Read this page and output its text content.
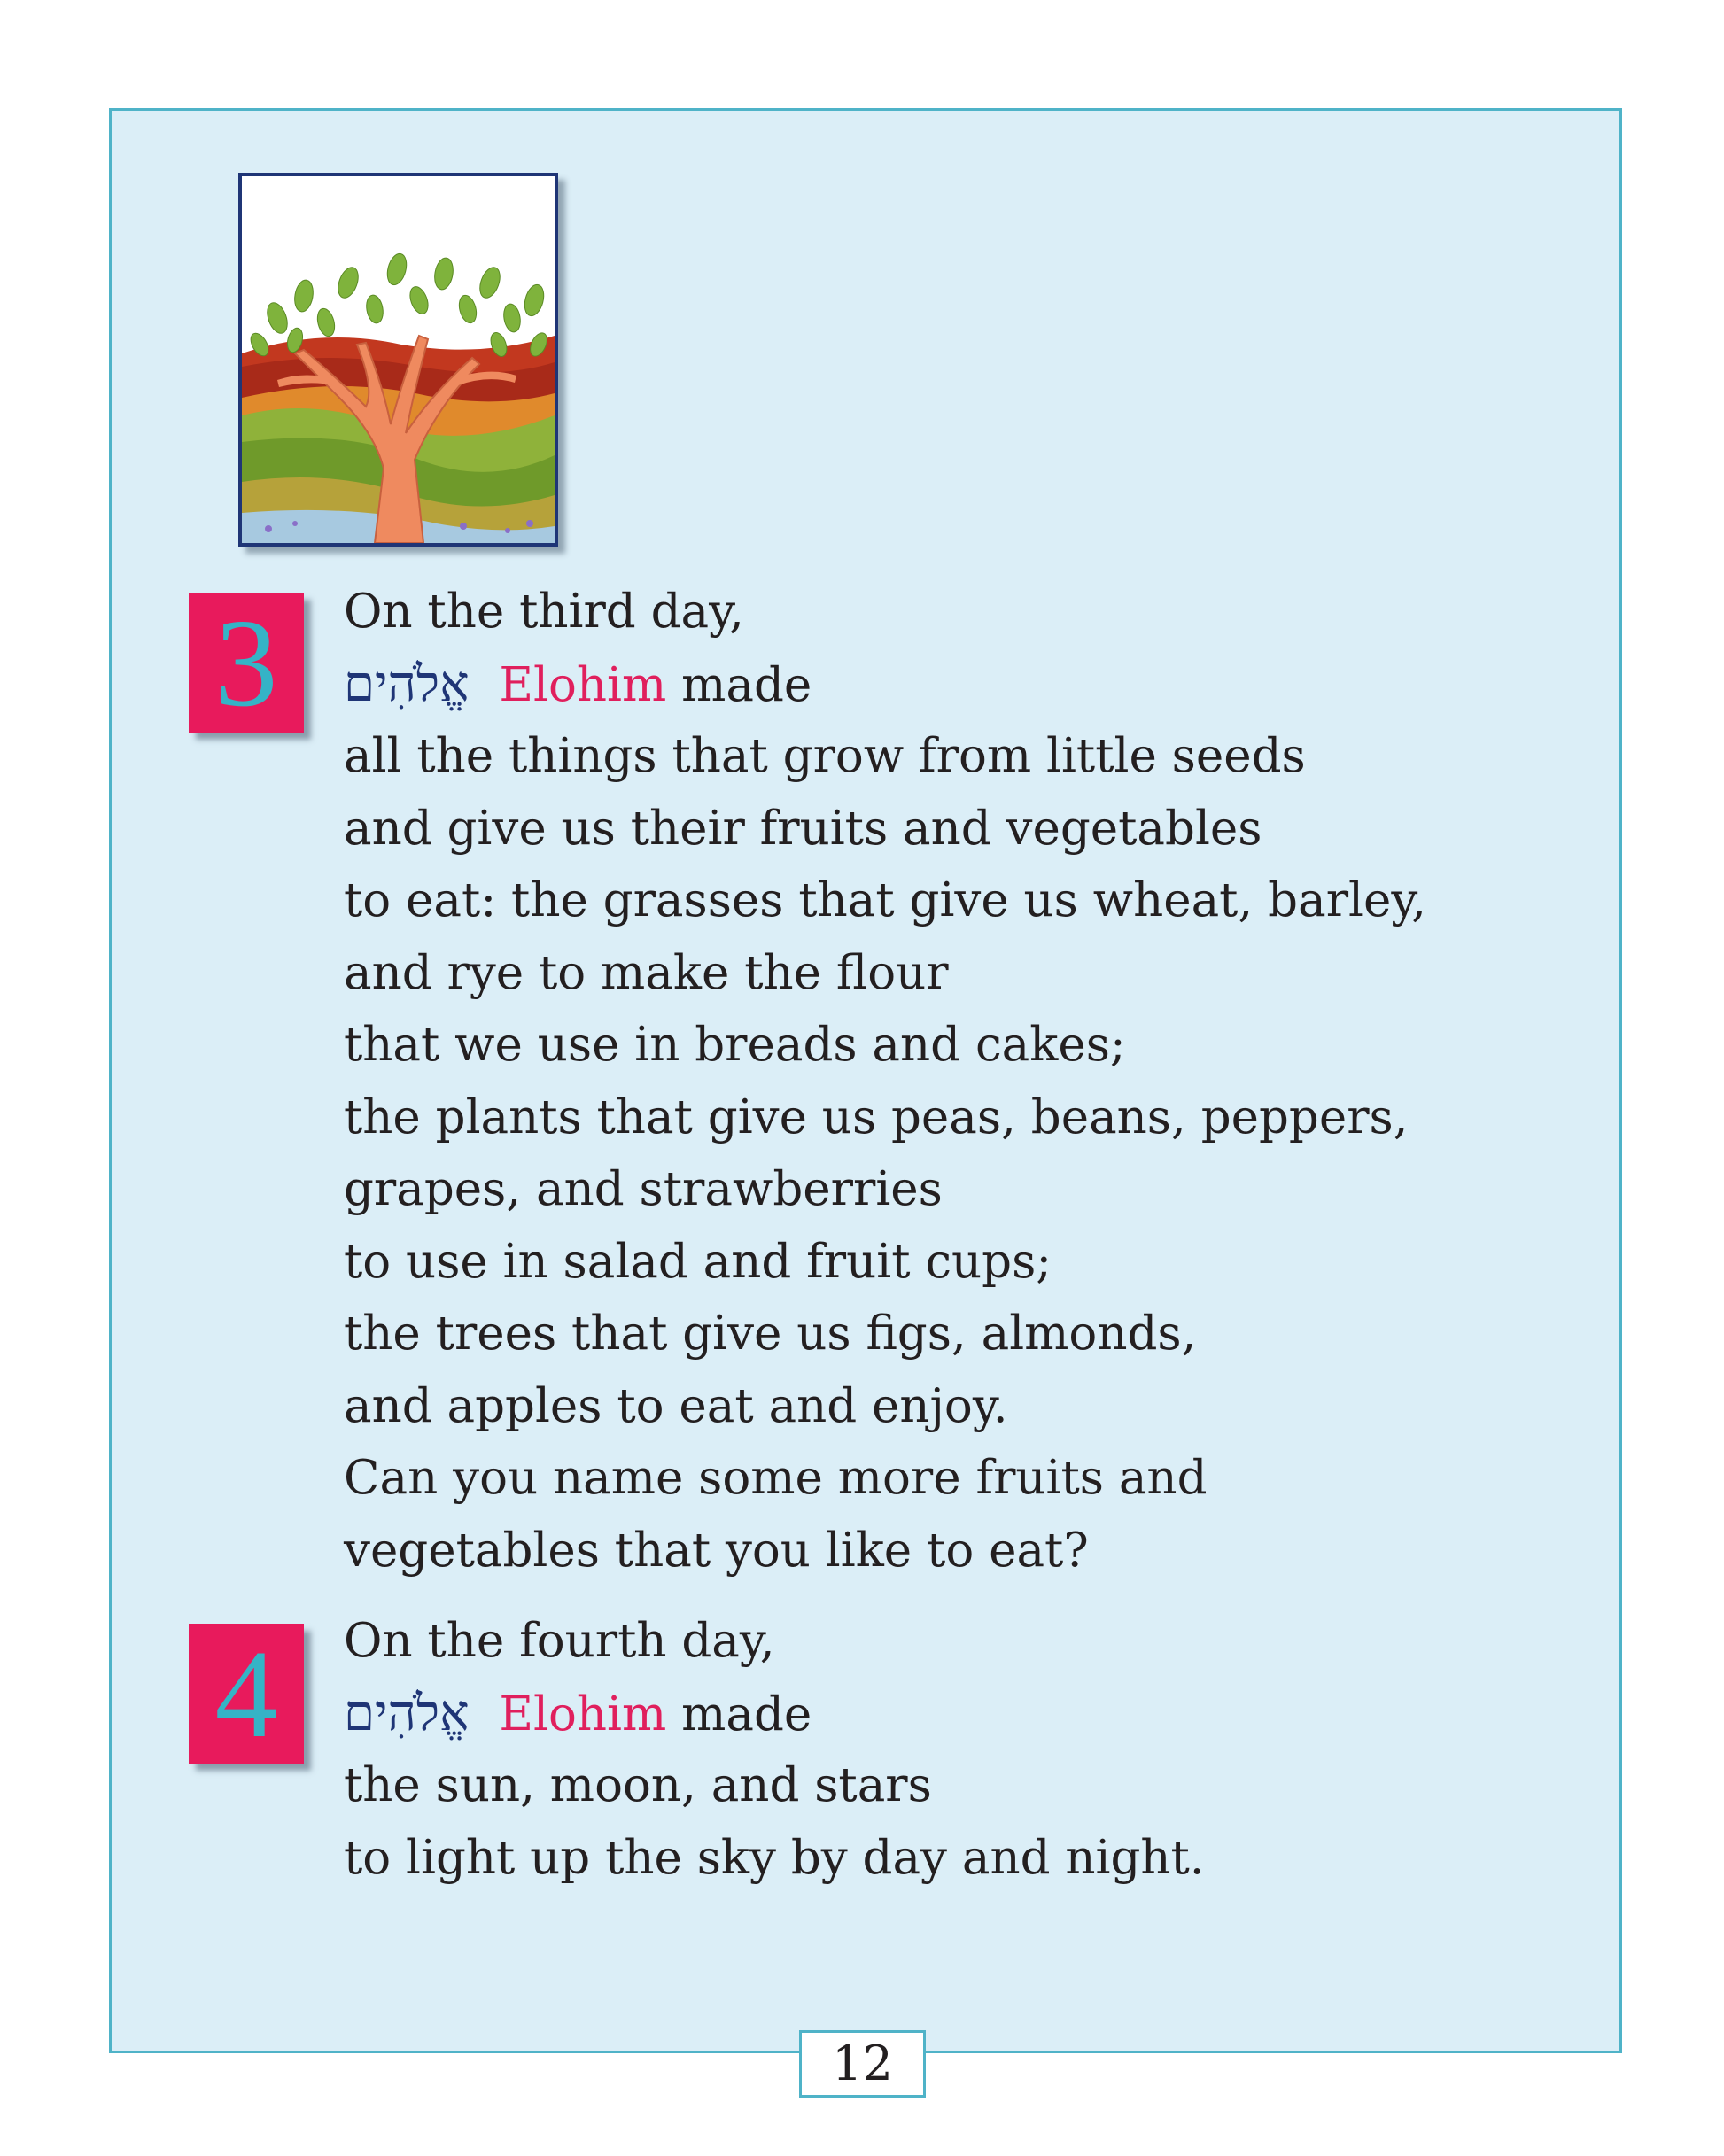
3	On the third day,
אֱלֹהִים Elohim made
all the things that grow from little seeds
and give us their fruits and vegetables
to eat: the grasses that give us wheat, barley,
and rye to make the flour
that we use in breads and cakes;
the plants that give us peas, beans, peppers,
grapes, and strawberries
to use in salad and fruit cups;
the trees that give us figs, almonds,
and apples to eat and enjoy.
Can you name some more fruits and
vegetables that you like to eat?
4	On the fourth day,
אֱלֹהִים Elohim made
the sun, moon, and stars
to light up the sky by day and night.
12
